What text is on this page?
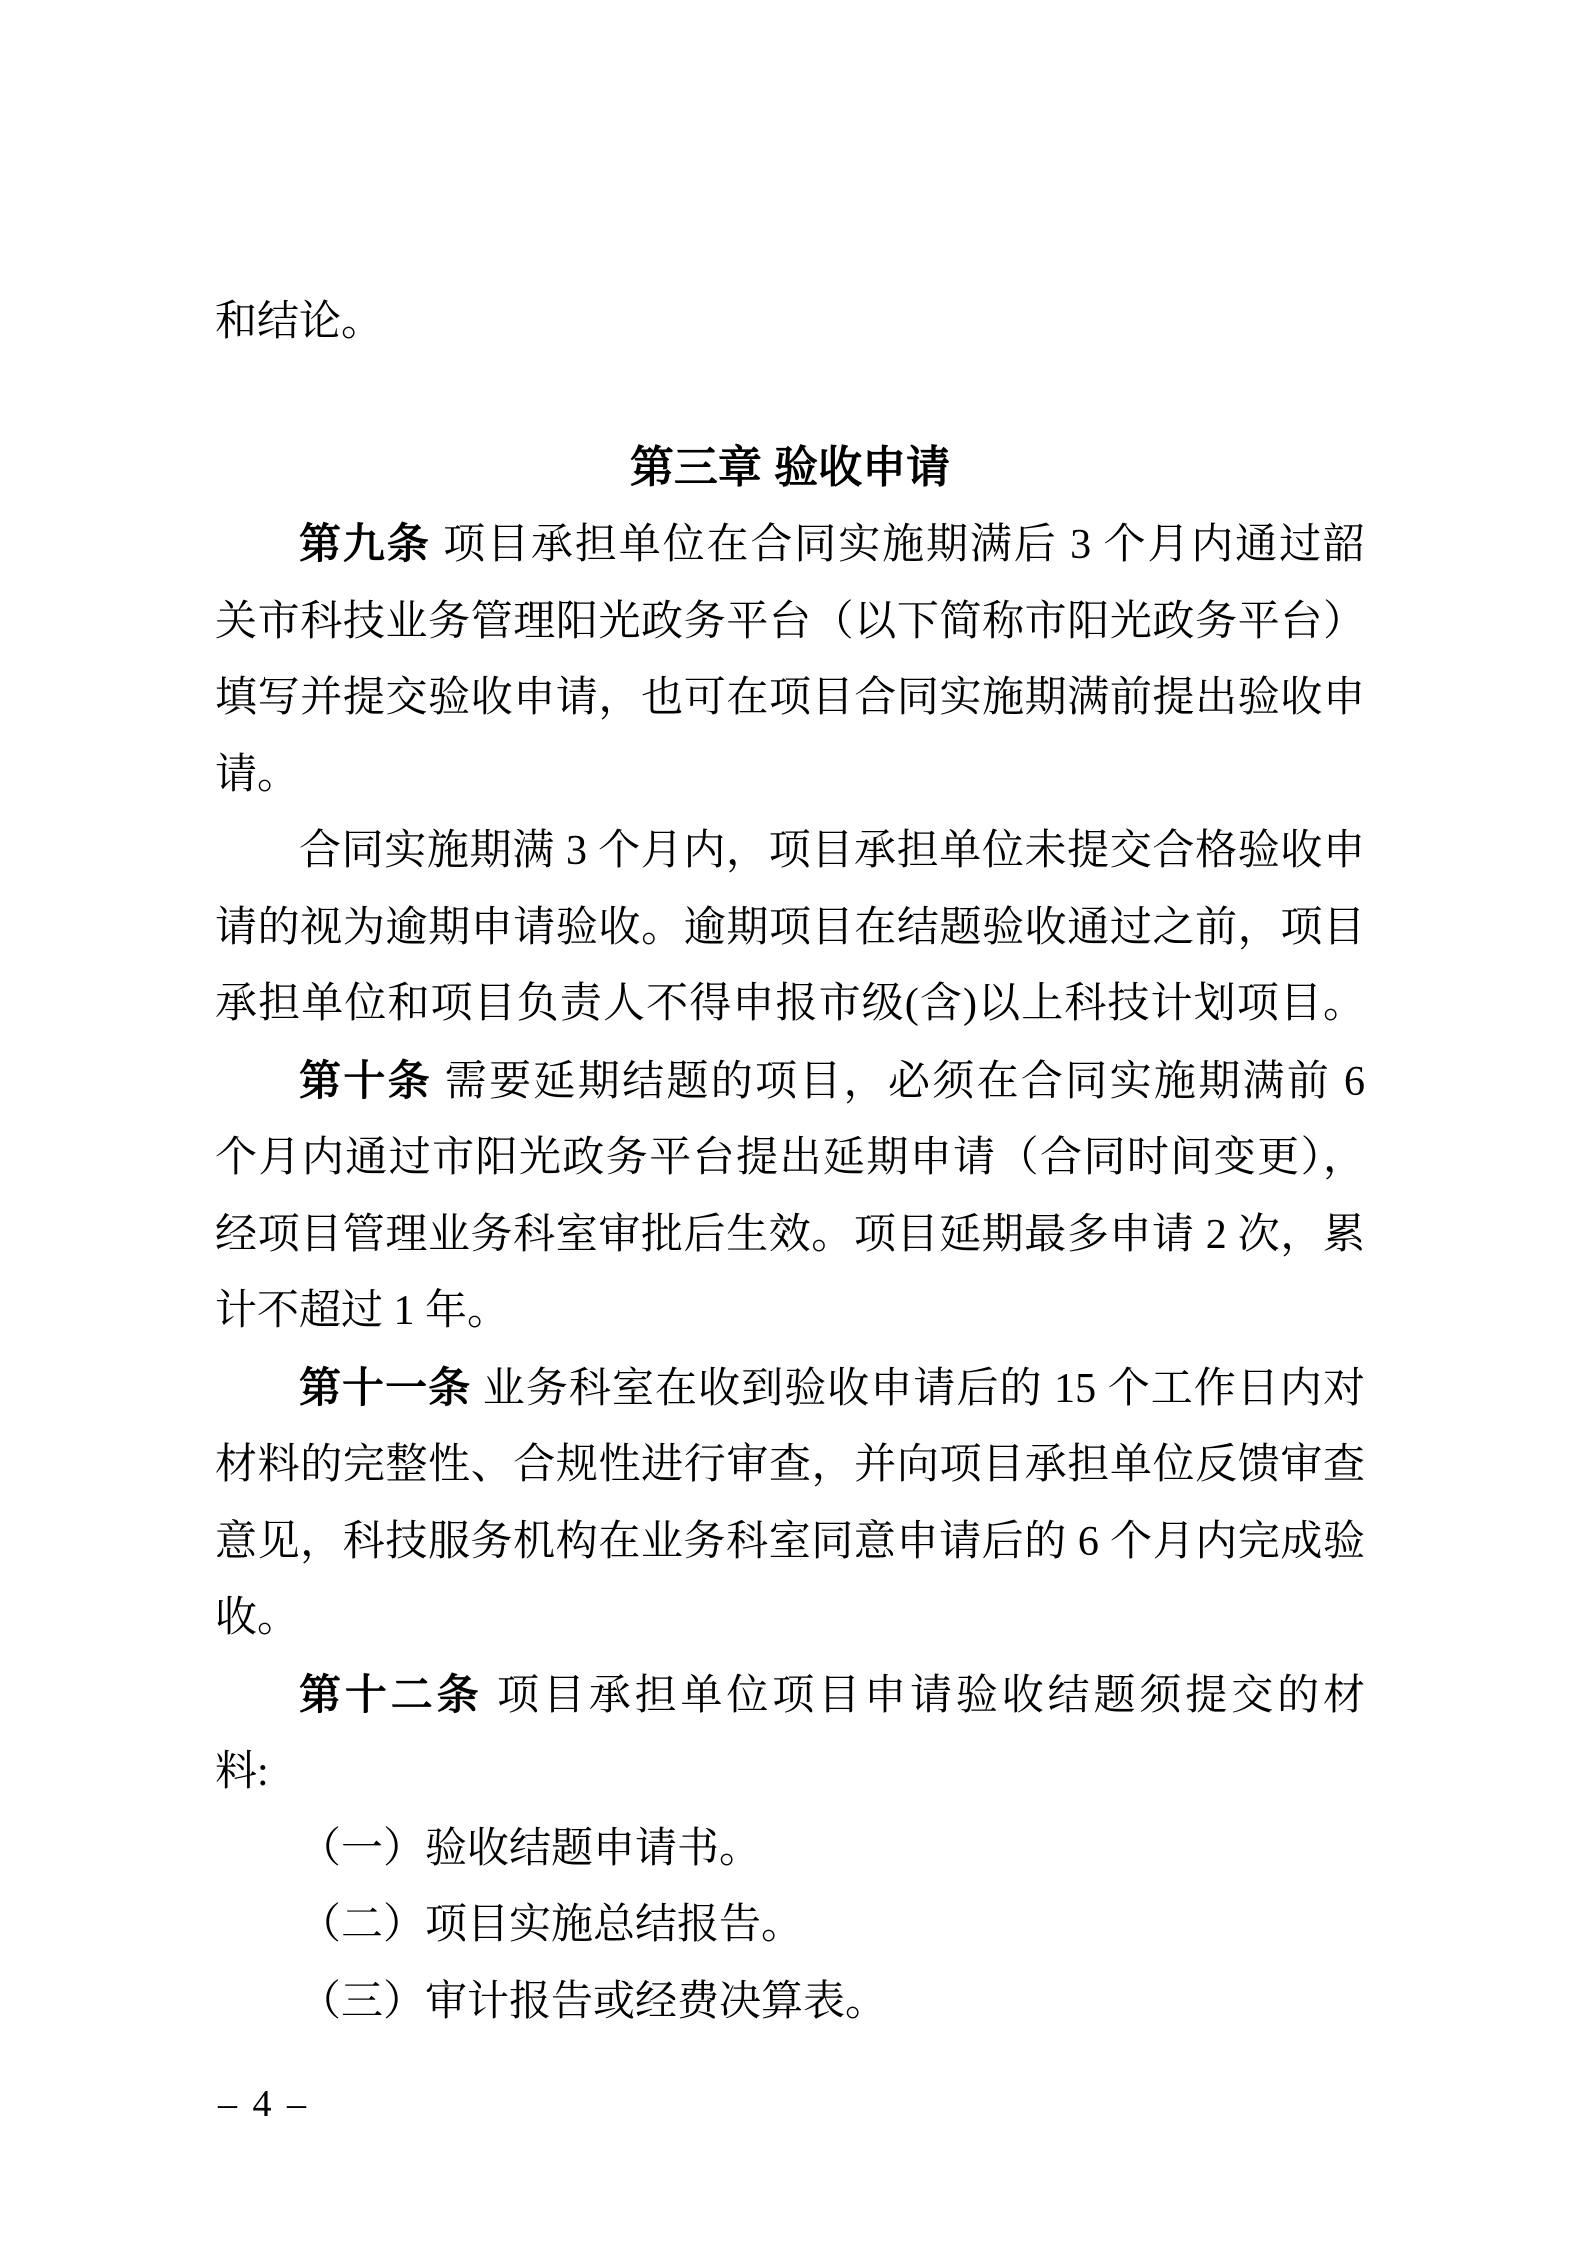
和结论。
第三章 验收申请
第九条 项目承担单位在合同实施期满后 3 个月内通过韶
关市科技业务管理阳光政务平台（以下简称市阳光政务平台）
填写并提交验收申请，也可在项目合同实施期满前提出验收申
请。
合同实施期满 3 个月内，项目承担单位未提交合格验收申
请的视为逾期申请验收。逾期项目在结题验收通过之前，项目
承担单位和项目负责人不得申报市级(含)以上科技计划项目。
第十条 需要延期结题的项目，必须在合同实施期满前 6
个月内通过市阳光政务平台提出延期申请（合同时间变更），
经项目管理业务科室审批后生效。项目延期最多申请 2 次，累
计不超过 1 年。
第十一条 业务科室在收到验收申请后的 15 个工作日内对
材料的完整性、合规性进行审查，并向项目承担单位反馈审查
意见，科技服务机构在业务科室同意申请后的 6 个月内完成验
收。
第十二条 项目承担单位项目申请验收结题须提交的材
料:
（一）验收结题申请书。
（二）项目实施总结报告。
（三）审计报告或经费决算表。
– 4 –
